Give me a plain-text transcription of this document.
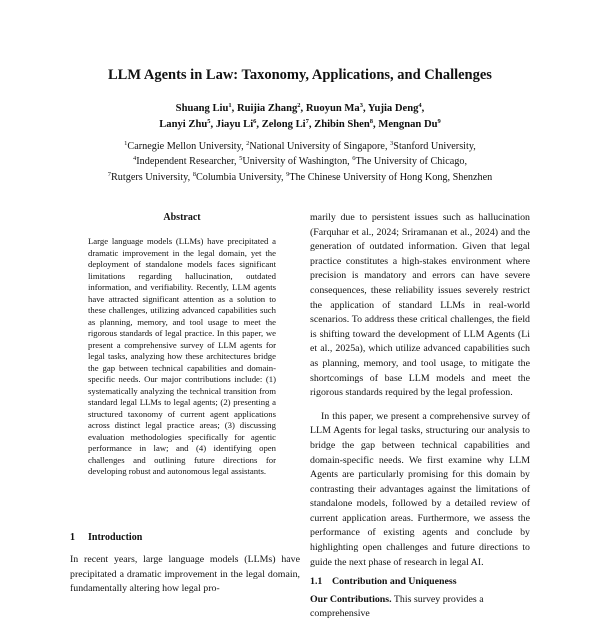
LLM Agents in Law: Taxonomy, Applications, and Challenges
Shuang Liu$^1$, Ruijia Zhang$^2$, Ruoyun Ma$^3$, Yujia Deng$^4$,
Lanyi Zhu$^5$, Jiayu Li$^6$, Zelong Li$^7$, Zhibin Shen$^8$, Mengnan Du$^9$
$^1$Carnegie Mellon University, $^2$National University of Singapore, $^3$Stanford University,
$^4$Independent Researcher, $^5$University of Washington, $^6$The University of Chicago,
$^7$Rutgers University, $^8$Columbia University, $^9$The Chinese University of Hong Kong, Shenzhen
Abstract

Large language models (LLMs) have precipitated a dramatic improvement in the legal domain, yet the deployment of standalone models faces significant limitations regarding hallucination, outdated information, and verifiability. Recently, LLM agents have attracted significant attention as a solution to these challenges, utilizing advanced capabilities such as planning, memory, and tool usage to meet the rigorous standards of legal practice. In this paper, we present a comprehensive survey of LLM agents for legal tasks, analyzing how these architectures bridge the gap between technical capabilities and domain-specific needs. Our major contributions include: (1) systematically analyzing the technical transition from standard legal LLMs to legal agents; (2) presenting a structured taxonomy of current agent applications across distinct legal practice areas; (3) discussing evaluation methodologies specifically for agentic performance in law; and (4) identifying open challenges and outlining future directions for developing robust and autonomous legal assistants.

1 Introduction

In recent years, large language models (LLMs) have precipitated a dramatic improvement in the legal domain, fundamentally altering how legal pro-

marily due to persistent issues such as hallucination (Farquhar et al., 2024; Sriramanan et al., 2024) and the generation of outdated information. Given that legal practice constitutes a high-stakes environment where precision is mandatory and errors can have severe consequences, these reliability issues severely restrict the application of standard LLMs in real-world scenarios. To address these critical challenges, the field is shifting toward the development of LLM Agents (Li et al., 2025a), which utilize advanced capabilities such as planning, memory, and tool usage, to mitigate the shortcomings of base LLM models and meet the rigorous standards required by the legal profession.

In this paper, we present a comprehensive survey of LLM Agents for legal tasks, structuring our analysis to bridge the gap between technical capabilities and domain-specific needs. We first examine why LLM Agents are particularly promising for this domain by contrasting their advantages against the limitations of standalone models, followed by a detailed review of current application areas. Furthermore, we assess the performance of existing agents and conclude by highlighting open challenges and future directions to guide the next phase of research in legal AI.

1.1 Contribution and Uniqueness
Our Contributions. This survey provides a comprehensive
